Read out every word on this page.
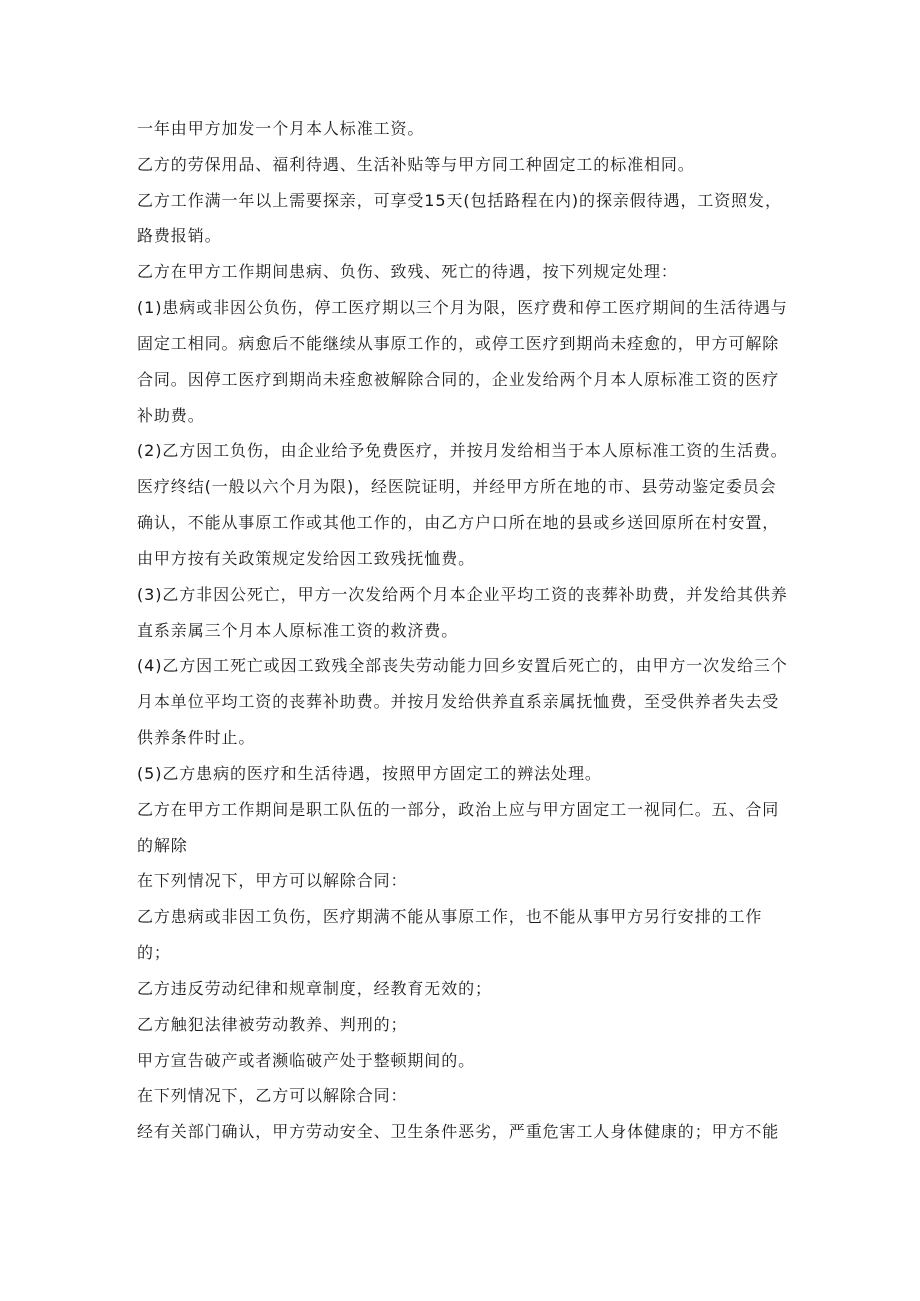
一年由甲方加发一个月本人标准工资。

乙方的劳保用品、福利待遇、生活补贴等与甲方同工种固定工的标准相同。

乙方工作满一年以上需要探亲，可享受15天(包括路程在内)的探亲假待遇，工资照发，

路费报销。

乙方在甲方工作期间患病、负伤、致残、死亡的待遇，按下列规定处理：

(1)患病或非因公负伤，停工医疗期以三个月为限，医疗费和停工医疗期间的生活待遇与

固定工相同。病愈后不能继续从事原工作的，或停工医疗到期尚未痊愈的，甲方可解除

合同。因停工医疗到期尚未痊愈被解除合同的，企业发给两个月本人原标准工资的医疗

补助费。

(2)乙方因工负伤，由企业给予免费医疗，并按月发给相当于本人原标准工资的生活费。

医疗终结(一般以六个月为限)，经医院证明，并经甲方所在地的市、县劳动鉴定委员会

确认，不能从事原工作或其他工作的，由乙方户口所在地的县或乡送回原所在村安置，

由甲方按有关政策规定发给因工致残抚恤费。

(3)乙方非因公死亡，甲方一次发给两个月本企业平均工资的丧葬补助费，并发给其供养

直系亲属三个月本人原标准工资的救济费。

(4)乙方因工死亡或因工致残全部丧失劳动能力回乡安置后死亡的，由甲方一次发给三个

月本单位平均工资的丧葬补助费。并按月发给供养直系亲属抚恤费，至受供养者失去受

供养条件时止。

(5)乙方患病的医疗和生活待遇，按照甲方固定工的辨法处理。

乙方在甲方工作期间是职工队伍的一部分，政治上应与甲方固定工一视同仁。五、合同

的解除

在下列情况下，甲方可以解除合同：

乙方患病或非因工负伤，医疗期满不能从事原工作，也不能从事甲方另行安排的工作

的；

乙方违反劳动纪律和规章制度，经教育无效的；

乙方触犯法律被劳动教养、判刑的；

甲方宣告破产或者濒临破产处于整顿期间的。

在下列情况下，乙方可以解除合同：

经有关部门确认，甲方劳动安全、卫生条件恶劣，严重危害工人身体健康的；甲方不能
